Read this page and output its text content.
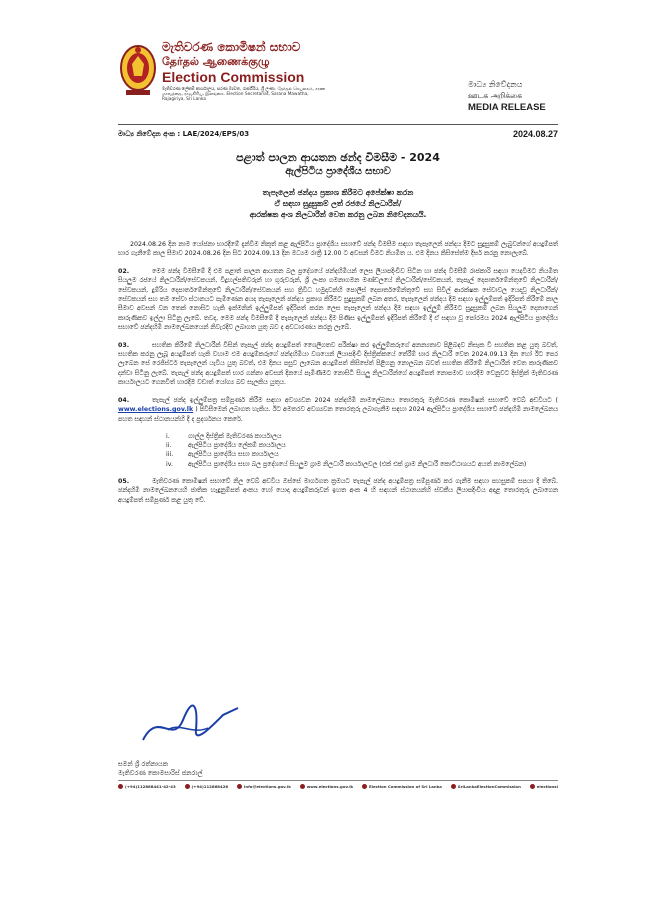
මැතිවරණ කොමිෂන් සභාව
தேர்தல் ஆணைக்குழு
Election Commission
මැතිවරණ ලේකම් කාර්යාලය, සරණ මාවත, රාජගිරිය, ශ්‍රී ලංකා. தேர்தல் செயலகம், சரண மாவத்தை, ராஜகிரிய, இலங்கை. Election Secretariat, Sarana Mawatha, Rajagiriya, Sri Lanka
මාධ්‍ය නිවේදනය
ஊடக அறிக்கை
MEDIA RELEASE
මාධ්‍ය නිවේදන අංක : LAE/2024/EPS/03	2024.08.27
පළාත් පාලන ආයතන ඡන්ද විමසීම - 2024
ඇල්පිටිය ප්‍රාදේශීය සභාව
තැපෑලෙන් ඡන්දය ප්‍රකාශ කිරීමට අපේක්ෂා කරන
ඒ සඳහා සුදුසුකම් ලත් රජයේ නිලධාරීන්/
ආරක්ෂක අංශ නිලධාරීන් වෙත කරනු ලබන නිවේදනයයි.
2024.08.26 දින නාම යෝජනා භාරදීමේ දැන්වීම නිකුත් කළ ඇල්පිටිය ප්‍රාදේශීය සභාවේ ඡන්ද විමසීම සඳහා තැපෑලෙන් ඡන්දය දීමට සුදුසුකම් ලැබුවන්ගේ අයදුම්පත් භාර ගැනීමේ කාල සීමාව 2024.08.26 දින සිට 2024.09.13 දින මධ්‍යම රාත්‍රී 12.00 ට අවසන් වීමට නියමිත ය. එම දිනය කිසිසේත්ම දීර්ඝ කරනු නොලැබේ.
02.	මෙම ඡන්ද විමසීමේ දී එම පළාත් පාලන ආයතන බල ප්‍රදේශයේ ඡන්දහිමියන් ලෙස ලියාපදිංචිව සිටින හා ඡන්ද විමසීම් රාජකාරි සඳහා යෙදවීමට නියමිත සියලුම රජයේ නිලධාරීන්/සේවකයන්, විදුහල්පතිවරුන් හා ගුරුවරුන්, ශ්‍රී ලංකා ගමනාගමන මණ්ඩලයේ නිලධාරීන්/සේවකයන්, තැපැල් දෙපාර්තමේන්තුවේ නිලධාරීන්/සේවකයන්, දුම්රිය දෙපාර්තමේන්තුවේ නිලධාරීන්/සේවකයන් සහ ත්‍රිවිධ හමුදාවන්හි පොලිස් දෙපාර්තමේන්තුවේ සහ සිවිල් ආරක්ෂක සේවාවල යෙදවූ නිලධාරීන්/සේවකයන් සහ තම සේවා ස්ථානයට පැමිණෙන අයද තැපෑලෙන් ඡන්දය ප්‍රකාශ කිරීමට සුදුසුකම් ලබන අතර, තැපෑලෙන් ඡන්දය දීම සඳහා ඉල්ලුම්පත් ඉදිරිපත් කිරීමේ කාල සීමාව අවසන් වන තෙක් නොසිට හැකි ඉක්මනින් ඉල්ලුම්පත් ඉදිරිපත් කරන ලෙස තැපෑලෙන් ඡන්දය දීම සඳහා ඉල්ලුම් කිරීමට සුදුසුකම් ලබන සියලුම දෙනාගෙන් කාරුණිකව ඉල්ලා සිටිනු ලැබේ. තවද, මෙම ඡන්ද විමසීමේ දී තැපැලෙන් ඡන්දය දීම පිණිස ඉල්ලුම්පත් ඉදිරිපත් කිරීමේ දී ඒ සඳහා වූ පෝරමය 2024 ඇල්පිටිය ප්‍රාදේශීය සභාවේ ඡන්දහිමි නාමලේඛනයෙන් නිවැරදිව ලබාගත යුතු බව ද අවධාරණය කරනු ලැබේ.
03.	සහතික කිරීමේ නිලධාරීන් විසින් තැපැල් ඡන්ද අයදුම්පත් ශෛලිගතව පරීක්ෂා කර ඉල්ලුම්කරුගේ අනන්‍යතාව පිළිබඳව නිසැක වී සහතික කළ යුතු බවත්, සහතික කරනු ලැබූ අයදුම්පත් හැකි වහාම එම අයදුම්කරුගේ ඡන්දහිමියා වශයෙන් ලියාපදිංචි දිස්ත්‍රික්කයේ තේරීම් භාර නිලධාරී වෙත 2024.09.13 දින හෝ ඊට පෙර ලැබෙන සේ රෙජිස්ටර් තැපෑලෙන් යැවිය යුතු බවත්, එම දිනය පසුව ලැබෙන අයදුම්පත් කිසිසේත් පිළිගනු නොලබන බවත් සහතික කිරීමේ නිලධාරීන් වෙත කාරුණිකව දන්වා සිටිනු ලැබේ. තැපැල් ඡන්ද අයදුම්පත් භාර ගන්නා අවසන් දිනයේ පැමිණීමට නොසිටි සියලු නිලධාරීන්ගේ අයදුම්පත් නොපමාව හාරදීම වෙනුවට දිස්ත්‍රික් මැතිවරණ කාර්යාලයට ගෙනවිත් හාරදීම වඩාත් යෝග්‍ය බව සැලකිය යුතුය.
04.	තැපැල් ඡන්ද ඉල්ලුම්පත්‍ර සම්පූර්ණ කිරීම සඳහා අවශ්‍යවන 2024 ඡන්දහිමි නාමලේඛනය තොරතුරු මැතිවරණ කොමිෂන් සභාවේ වෙබ් අඩවියට ( www.elections.gov.lk ) පිවිසීමෙන් ලබාගත හැකිය. ඊට අමතරව අවශ්‍යවන තොරතුරු ලබාගැනීම සඳහා 2024 ඇල්පිටිය ප්‍රාදේශීය සභාවේ ඡන්දහිමි නාමලේඛනය පහත සඳහන් ස්ථානයන්හි දී ද ප්‍රදර්ශනය කෙරේ.
i.	ගාල්ල දිස්ත්‍රික් මැතිවරණ කාර්යාලය
ii.	ඇල්පිටිය ප්‍රාදේශීය ලේකම් කාර්යාලය
iii. ඇල්පිටිය ප්‍රාදේශීය සභා කාර්යාලය
iv. ඇල්පිටිය ප්‍රාදේශීය සභා බල ප්‍රදේශයේ සියලුම ග්‍රාම නිලධාරී කාර්යාලවල (එක් එක් ග්‍රාම නිලධාරී කොට්ඨාශයට අයත් නාමලේඛන)
05.	මැතිවරණ කොමිෂන් සභාවේ නිල වෙබ් අඩවිය ඔස්සේ මාර්ගගත ක්‍රමයට තැපැල් ඡන්ද අයදුම්පත්‍ර සම්පූර්ණ කර ගැනීම සඳහා පහසුකම් සපයා දී තිබේ. ඡන්දහිමි නාමලේඛනයෙහි ජාතික හැඳුනුම්පත් අංකය හෝ යොදා අයදුම්කරුවන් ඉහත අංක 4 හි සඳහන් ස්ථානයන්හි ස්වකීය ලියාපදිංචිය අදාළ තොරතුරු ලබාගෙන අයදුම්පත් සම්පූර්ණ කළ යුතු වේ.
සමන් ශ්‍රී රත්නායක
මැතිවරණ කොමසාරිස් ජනරාල්
(+94)112868441-42-43	(+94)112868426	info@elections.gov.lk	www.elections.gov.lk	Election Commission of Sri Lanka	SriLankaElectionCommission	electionsl
